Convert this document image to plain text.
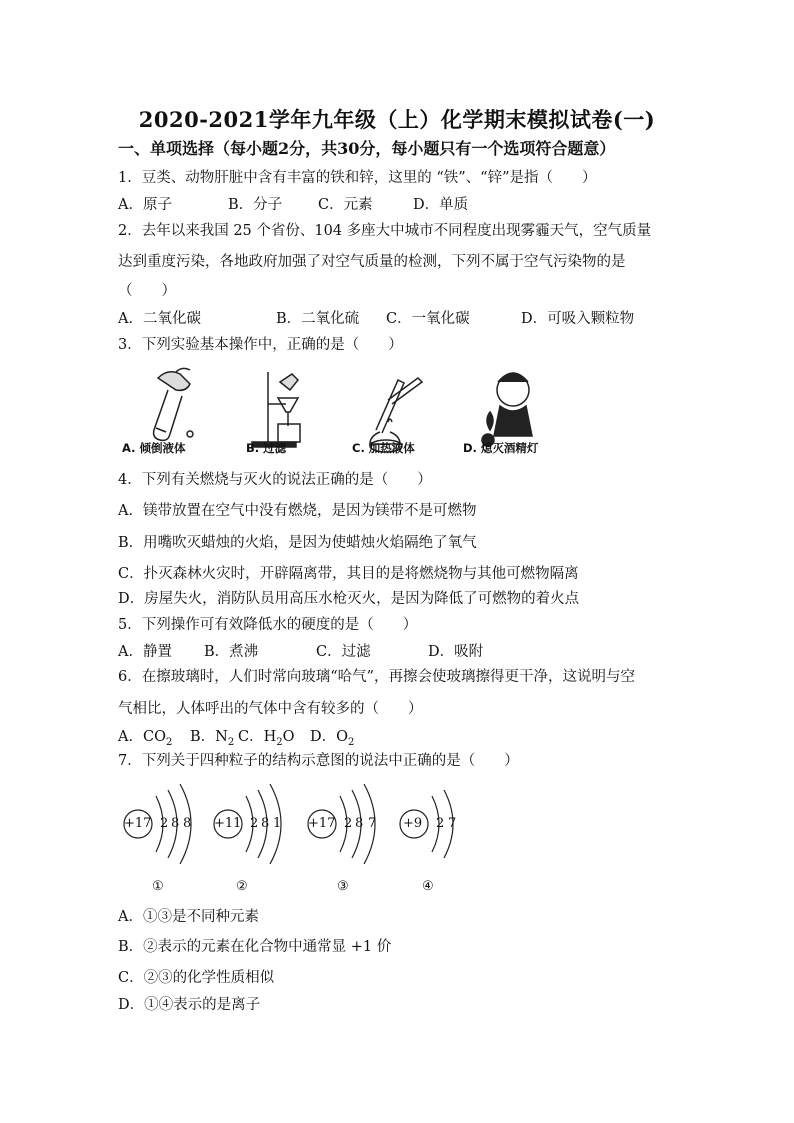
2020-2021学年九年级（上）化学期末模拟试卷(一)
一、单项选择（每小题2分，共30分，每小题只有一个选项符合题意）
1．豆类、动物肝脏中含有丰富的铁和锌，这里的 “铁”、“锌”是指（　　）
A．原子	B．分子 C．元素	D．单质
2．去年以来我国 25 个省份、104 多座大中城市不同程度出现雾霾天气，空气质量
达到重度污染，各地政府加强了对空气质量的检测，下列不属于空气污染物的是
（　　）
A．二氧化碳	B．二氧化硫 C．一氧化碳	D．可吸入颗粒物
3．下列实验基本操作中，正确的是（　　）
A. 倾倒液体	B. 过滤	C. 加热液体	D. 熄灭酒精灯
4．下列有关燃烧与灭火的说法正确的是（　　）
A．镁带放置在空气中没有燃烧，是因为镁带不是可燃物
B．用嘴吹灭蜡烛的火焰，是因为使蜡烛火焰隔绝了氧气
C．扑灭森林火灾时，开辟隔离带，其目的是将燃烧物与其他可燃物隔离
D．房屋失火，消防队员用高压水枪灭火，是因为降低了可燃物的着火点
5．下列操作可有效降低水的硬度的是（　　）
A．静置 B．煮沸	C．过滤	D．吸附
6．在擦玻璃时，人们时常向玻璃“哈气”，再擦会使玻璃擦得更干净，这说明与空
气相比，人体呼出的气体中含有较多的（　　）
A．$CO_2$ B．$N_2$ C．$H_2O$ D．$O_2$
7．下列关于四种粒子的结构示意图的说法中正确的是（　　）
+17 2 8 8 +11 2 8 1 +17 2 8 7 +9 2 7
①	②	③	④
A．①③是不同种元素
B．②表示的元素在化合物中通常显 +1 价
C．②③的化学性质相似
D．①④表示的是离子
